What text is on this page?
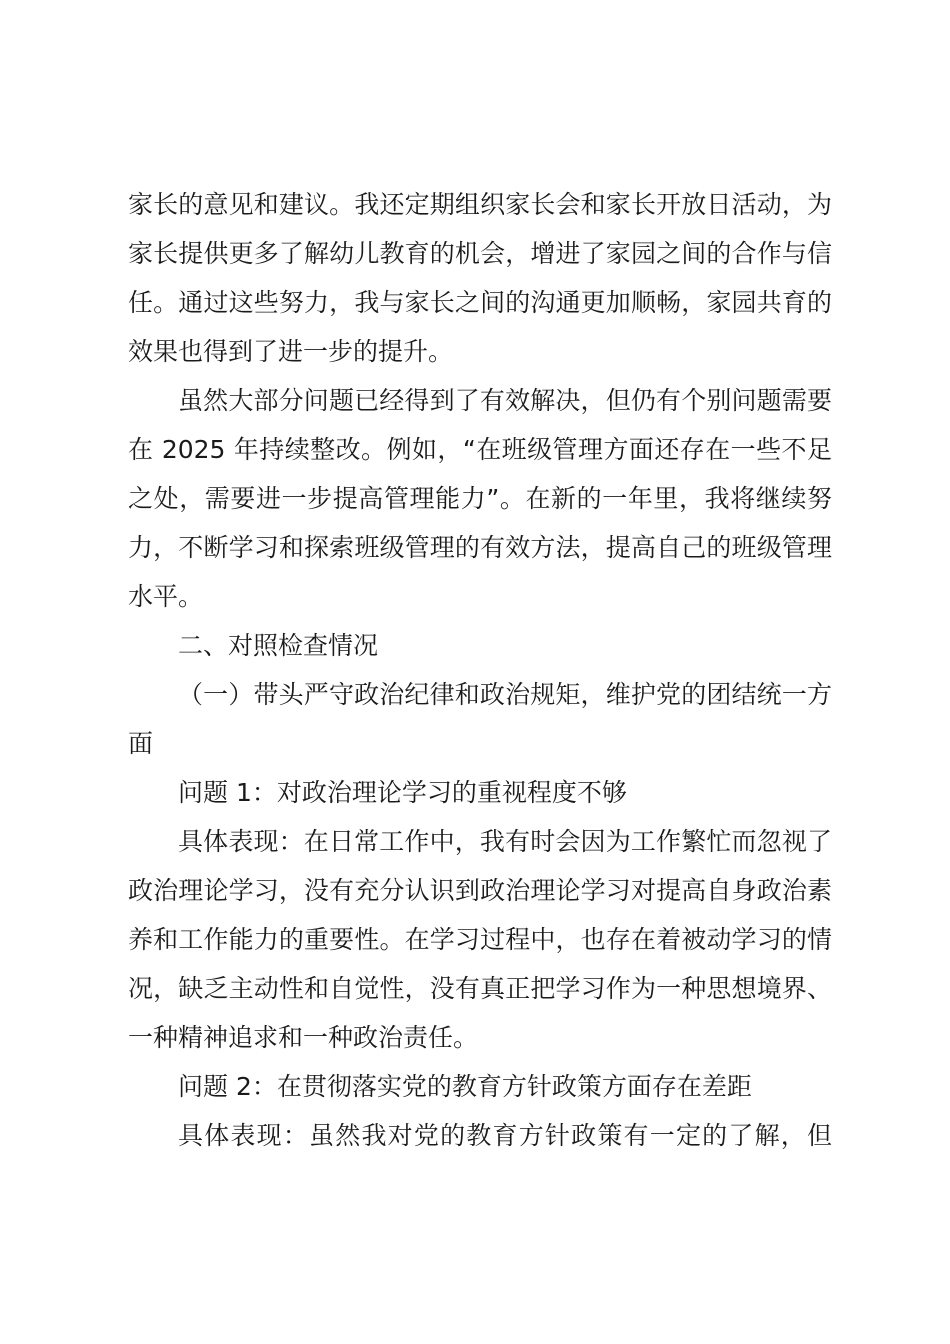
家长的意见和建议。我还定期组织家长会和家长开放日活动，为家长提供更多了解幼儿教育的机会，增进了家园之间的合作与信任。通过这些努力，我与家长之间的沟通更加顺畅，家园共育的效果也得到了进一步的提升。

虽然大部分问题已经得到了有效解决，但仍有个别问题需要在 2025 年持续整改。例如，“在班级管理方面还存在一些不足之处，需要进一步提高管理能力”。在新的一年里，我将继续努力，不断学习和探索班级管理的有效方法，提高自己的班级管理水平。

二、对照检查情况

（一）带头严守政治纪律和政治规矩，维护党的团结统一方面

问题 1：对政治理论学习的重视程度不够

具体表现：在日常工作中，我有时会因为工作繁忙而忽视了政治理论学习，没有充分认识到政治理论学习对提高自身政治素养和工作能力的重要性。在学习过程中，也存在着被动学习的情况，缺乏主动性和自觉性，没有真正把学习作为一种思想境界、一种精神追求和一种政治责任。

问题 2：在贯彻落实党的教育方针政策方面存在差距

具体表现：虽然我对党的教育方针政策有一定的了解，但
